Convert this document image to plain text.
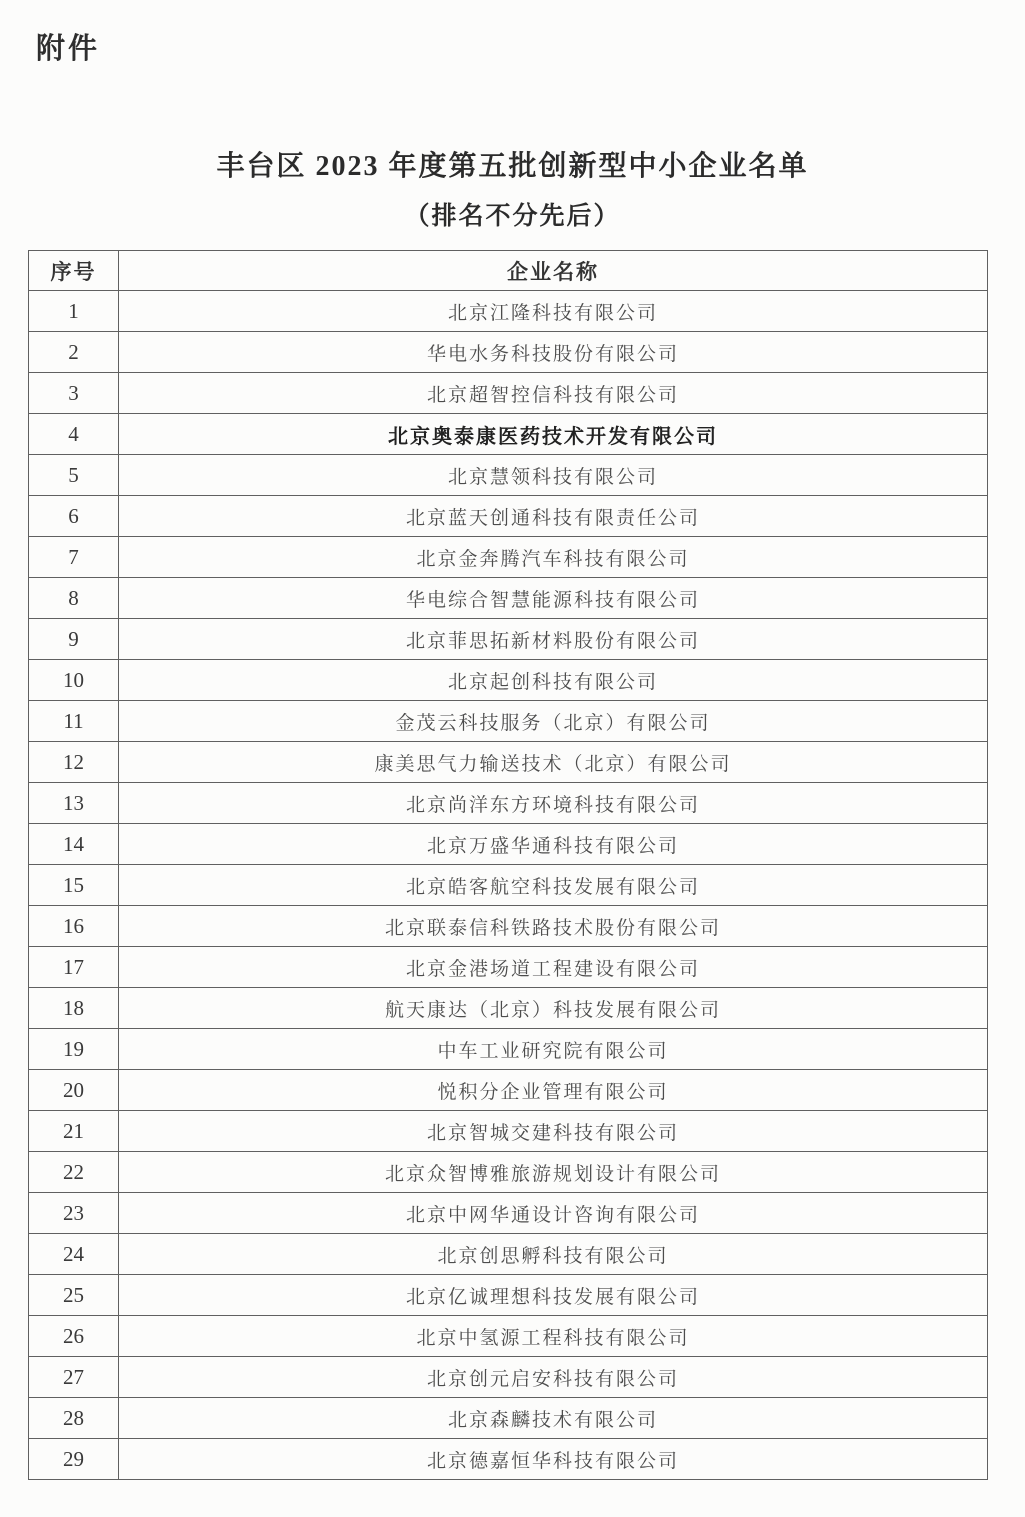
附件
丰台区 2023 年度第五批创新型中小企业名单
（排名不分先后）
序号	企业名称
1	北京江隆科技有限公司
2	华电水务科技股份有限公司
3	北京超智控信科技有限公司
4	北京奥泰康医药技术开发有限公司
5	北京慧领科技有限公司
6	北京蓝天创通科技有限责任公司
7	北京金奔腾汽车科技有限公司
8	华电综合智慧能源科技有限公司
9	北京菲思拓新材料股份有限公司
10	北京起创科技有限公司
11	金茂云科技服务（北京）有限公司
12	康美思气力输送技术（北京）有限公司
13	北京尚洋东方环境科技有限公司
14	北京万盛华通科技有限公司
15	北京皓客航空科技发展有限公司
16	北京联泰信科铁路技术股份有限公司
17	北京金港场道工程建设有限公司
18	航天康达（北京）科技发展有限公司
19	中车工业研究院有限公司
20	悦积分企业管理有限公司
21	北京智城交建科技有限公司
22	北京众智博雅旅游规划设计有限公司
23	北京中网华通设计咨询有限公司
24	北京创思孵科技有限公司
25	北京亿诚理想科技发展有限公司
26	北京中氢源工程科技有限公司
27	北京创元启安科技有限公司
28	北京森麟技术有限公司
29	北京德嘉恒华科技有限公司
